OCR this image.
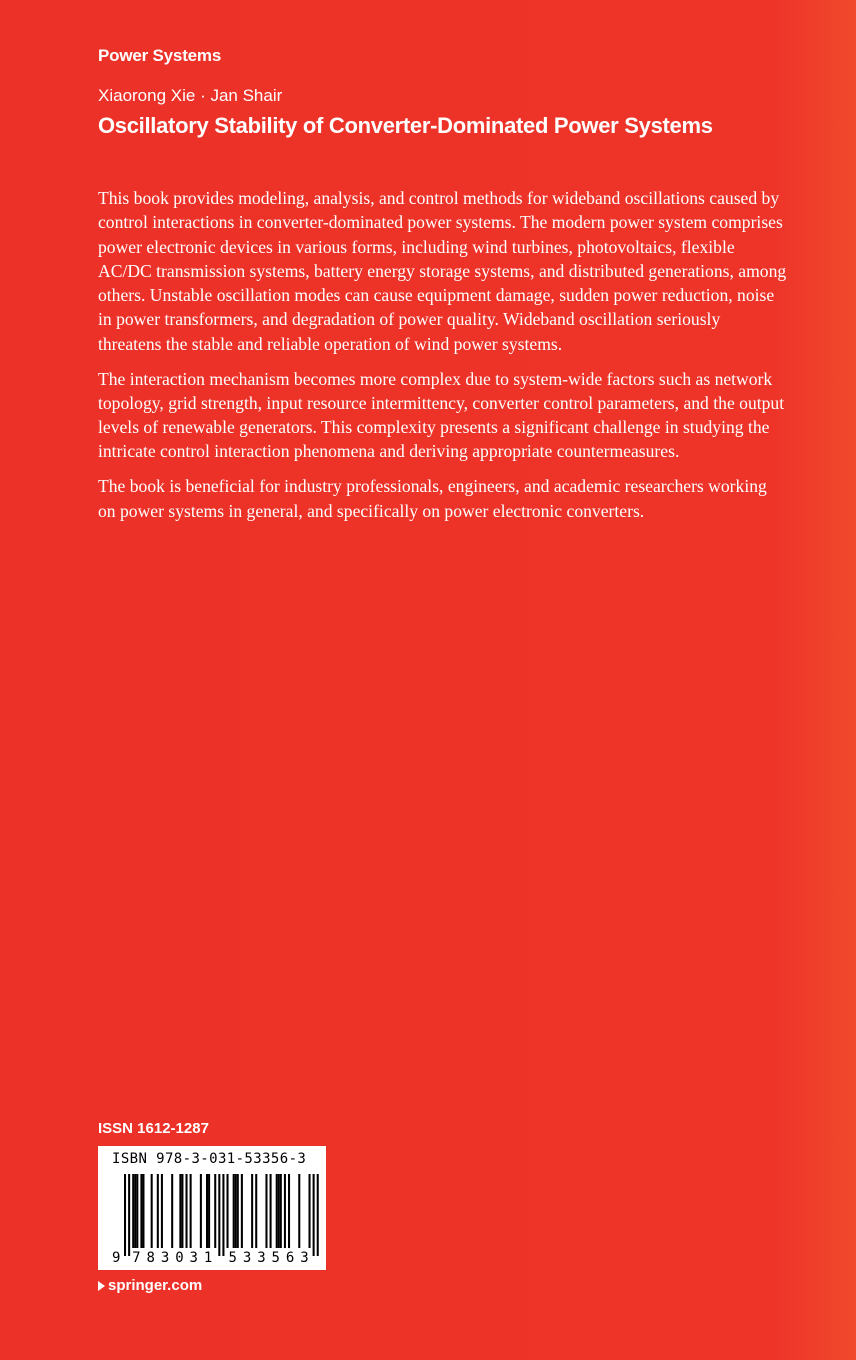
Power Systems
Xiaorong Xie · Jan Shair
Oscillatory Stability of Converter-Dominated Power Systems

This book provides modeling, analysis, and control methods for wideband oscillations caused by control interactions in converter-dominated power systems. The modern power system comprises power electronic devices in various forms, including wind turbines, photovoltaics, flexible AC/DC transmission systems, battery energy storage systems, and distributed generations, among others. Unstable oscillation modes can cause equipment damage, sudden power reduction, noise in power transformers, and degradation of power quality. Wideband oscillation seriously threatens the stable and reliable operation of wind power systems.

The interaction mechanism becomes more complex due to system-wide factors such as network topology, grid strength, input resource intermittency, converter control parameters, and the output levels of renewable generators. This complexity presents a significant challenge in studying the intricate control interaction phenomena and deriving appropriate countermeasures.

The book is beneficial for industry professionals, engineers, and academic researchers working on power systems in general, and specifically on power electronic converters.

ISSN 1612-1287
ISBN 978-3-031-53356-3
9 7 8 3 0 3 1 5 3 3 5 6 3
springer.com
